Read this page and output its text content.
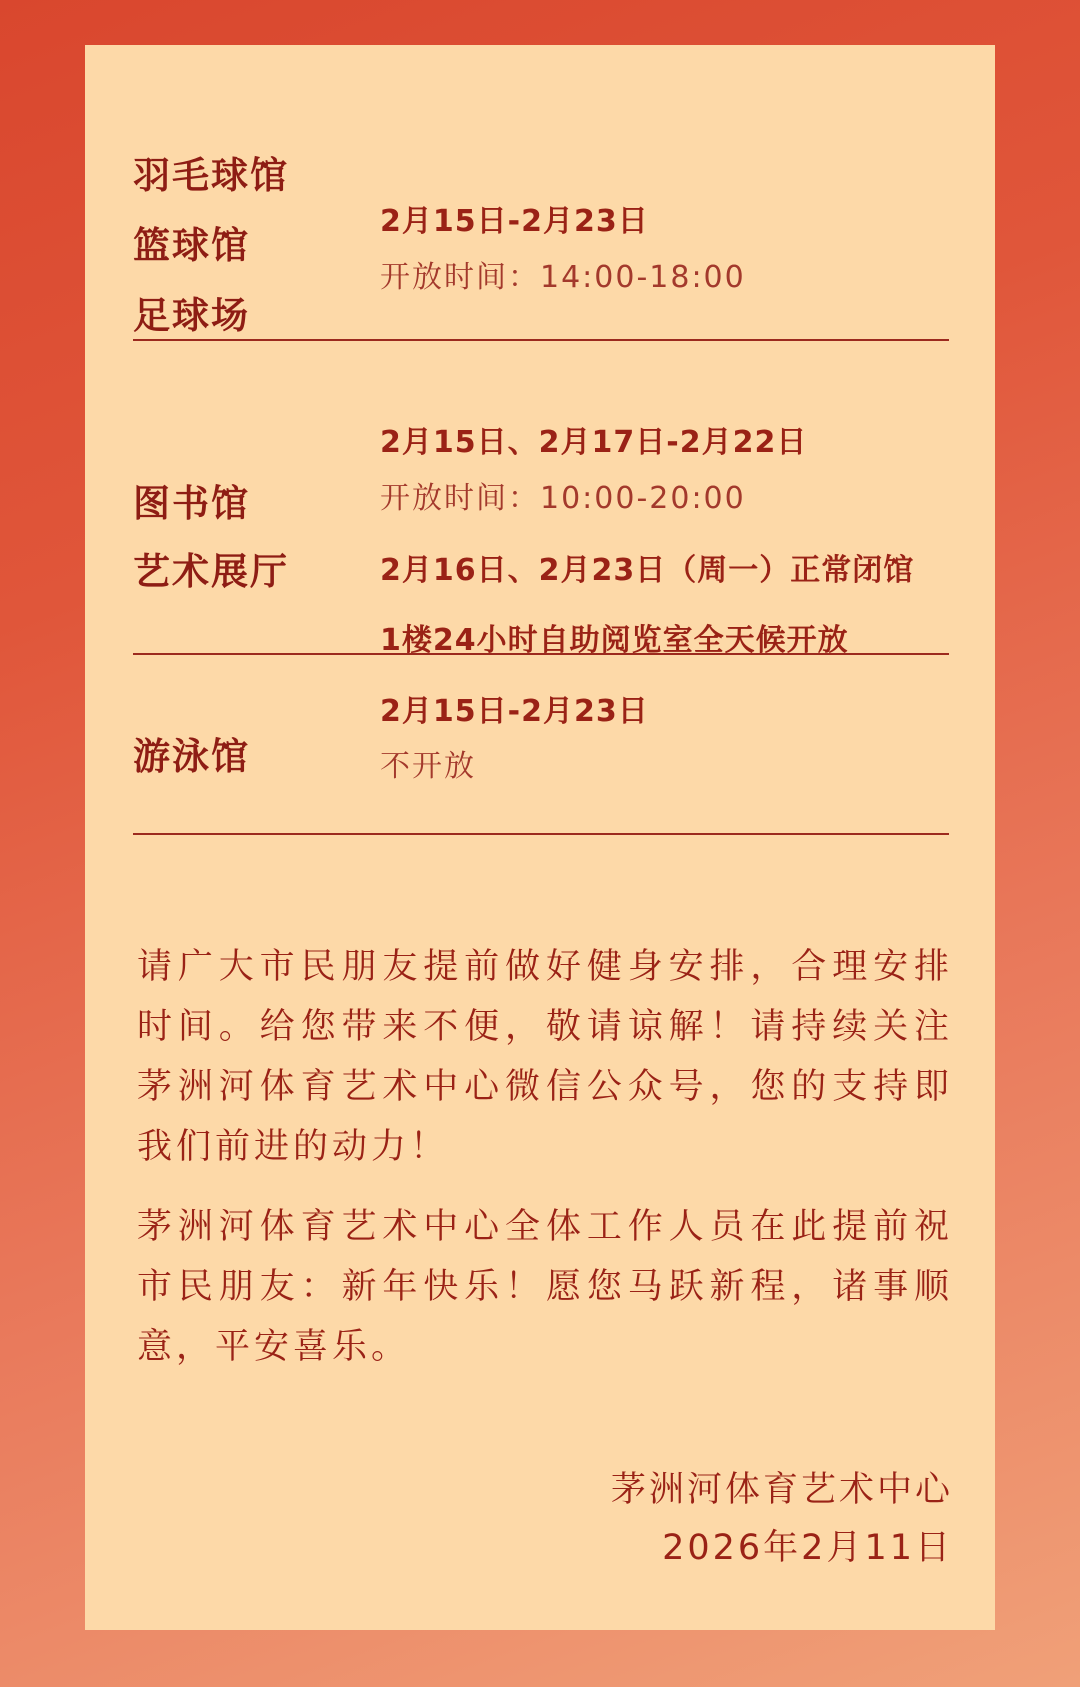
羽毛球馆
篮球馆
足球场
2月15日-2月23日
开放时间：14:00-18:00
图书馆
艺术展厅
2月15日、2月17日-2月22日
开放时间：10:00-20:00
2月16日、2月23日（周一）正常闭馆
1楼24小时自助阅览室全天候开放
游泳馆
2月15日-2月23日
不开放

请广大市民朋友提前做好健身安排，合理安排时间。给您带来不便，敬请谅解！请持续关注茅洲河体育艺术中心微信公众号，您的支持即我们前进的动力！

茅洲河体育艺术中心全体工作人员在此提前祝市民朋友：新年快乐！愿您马跃新程，诸事顺意，平安喜乐。

茅洲河体育艺术中心
2026年2月11日
